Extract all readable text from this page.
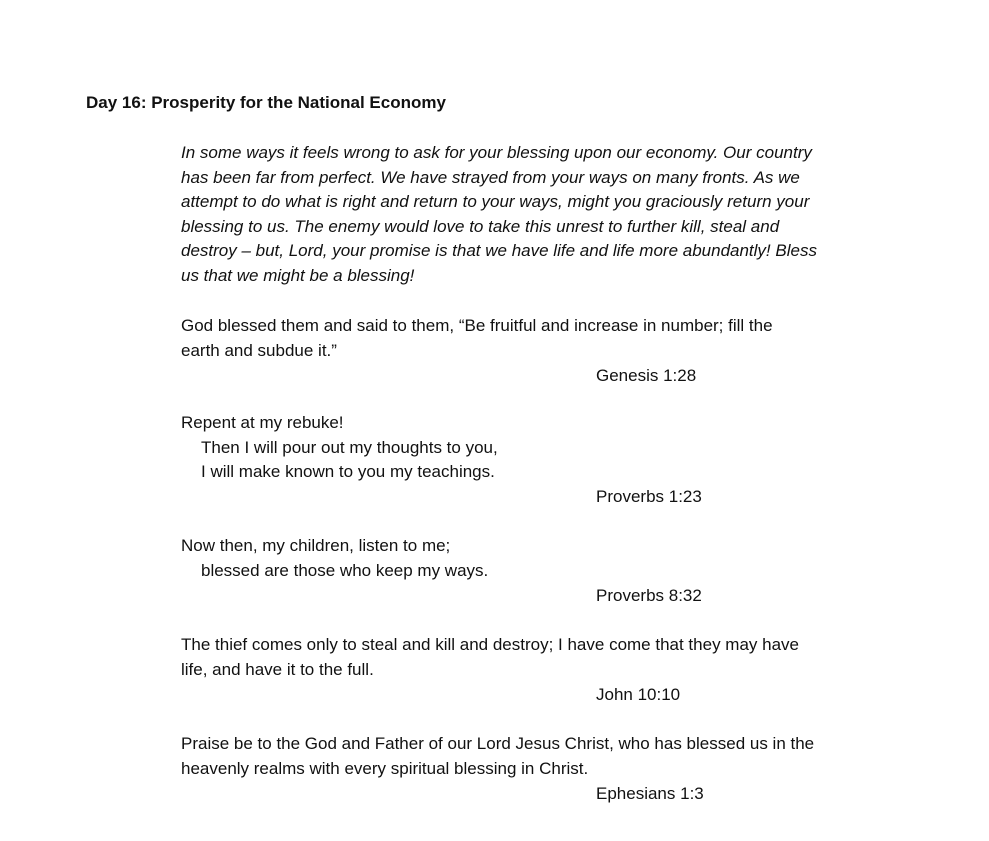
Day 16: Prosperity for the National Economy
In some ways it feels wrong to ask for your blessing upon our economy. Our country
has been far from perfect. We have strayed from your ways on many fronts. As we
attempt to do what is right and return to your ways, might you graciously return your
blessing to us. The enemy would love to take this unrest to further kill, steal and
destroy – but, Lord, your promise is that we have life and life more abundantly! Bless
us that we might be a blessing!
God blessed them and said to them, “Be fruitful and increase in number; fill the
earth and subdue it.”
Genesis 1:28
Repent at my rebuke!
Then I will pour out my thoughts to you,
I will make known to you my teachings.
Proverbs 1:23
Now then, my children, listen to me;
blessed are those who keep my ways.
Proverbs 8:32
The thief comes only to steal and kill and destroy; I have come that they may have
life, and have it to the full.
John 10:10
Praise be to the God and Father of our Lord Jesus Christ, who has blessed us in the
heavenly realms with every spiritual blessing in Christ.
Ephesians 1:3
